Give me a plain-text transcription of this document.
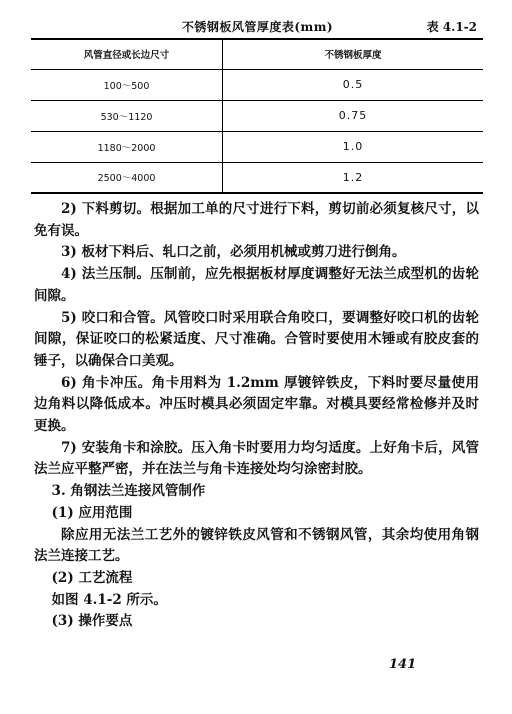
不锈钢板风管厚度表(mm)	表 4.1-2
风管直径或长边尺寸	不锈钢板厚度
100～500	0.5
530～1120	0.75
1180～2000	1.0
2500～4000	1.2

2) 下料剪切。根据加工单的尺寸进行下料，剪切前必须复核尺寸，以免有误。

3) 板材下料后、轧口之前，必须用机械或剪刀进行倒角。

4) 法兰压制。压制前，应先根据板材厚度调整好无法兰成型机的齿轮间隙。

5) 咬口和合管。风管咬口时采用联合角咬口，要调整好咬口机的齿轮间隙，保证咬口的松紧适度、尺寸准确。合管时要使用木锤或有胶皮套的锤子，以确保合口美观。

6) 角卡冲压。角卡用料为 1.2mm 厚镀锌铁皮，下料时要尽量使用边角料以降低成本。冲压时模具必须固定牢靠。对模具要经常检修并及时更换。

7) 安装角卡和涂胶。压入角卡时要用力均匀适度。上好角卡后，风管法兰应平整严密，并在法兰与角卡连接处均匀涂密封胶。

3. 角钢法兰连接风管制作

(1) 应用范围

除应用无法兰工艺外的镀锌铁皮风管和不锈钢风管，其余均使用角钢法兰连接工艺。

(2) 工艺流程

如图 4.1-2 所示。

(3) 操作要点

141
